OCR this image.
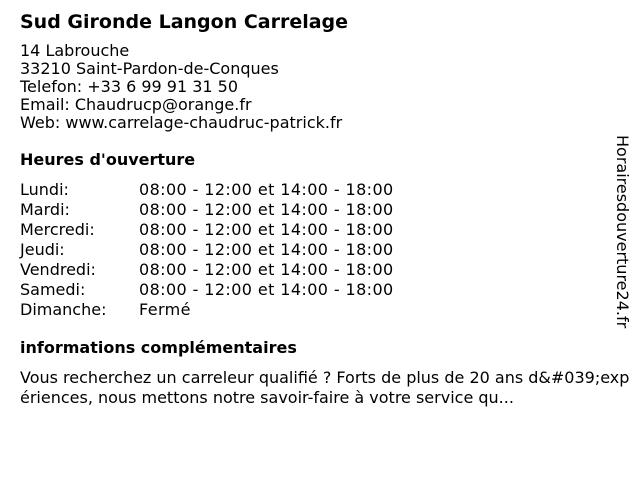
Sud Gironde Langon Carrelage
14 Labrouche
33210 Saint-Pardon-de-Conques
Telefon: +33 6 99 91 31 50
Email: Chaudrucp@orange.fr
Web: www.carrelage-chaudruc-patrick.fr
Heures d'ouverture
Lundi:	08:00 - 12:00 et 14:00 - 18:00
Mardi:	08:00 - 12:00 et 14:00 - 18:00
Mercredi:	08:00 - 12:00 et 14:00 - 18:00
Jeudi:	08:00 - 12:00 et 14:00 - 18:00
Vendredi:	08:00 - 12:00 et 14:00 - 18:00
Samedi:	08:00 - 12:00 et 14:00 - 18:00
Dimanche:	Fermé
informations complémentaires
Vous recherchez un carreleur qualifié ? Forts de plus de 20 ans d&#039;expériences, nous mettons notre savoir-faire à votre service qu...
Horairesdouverture24.fr
